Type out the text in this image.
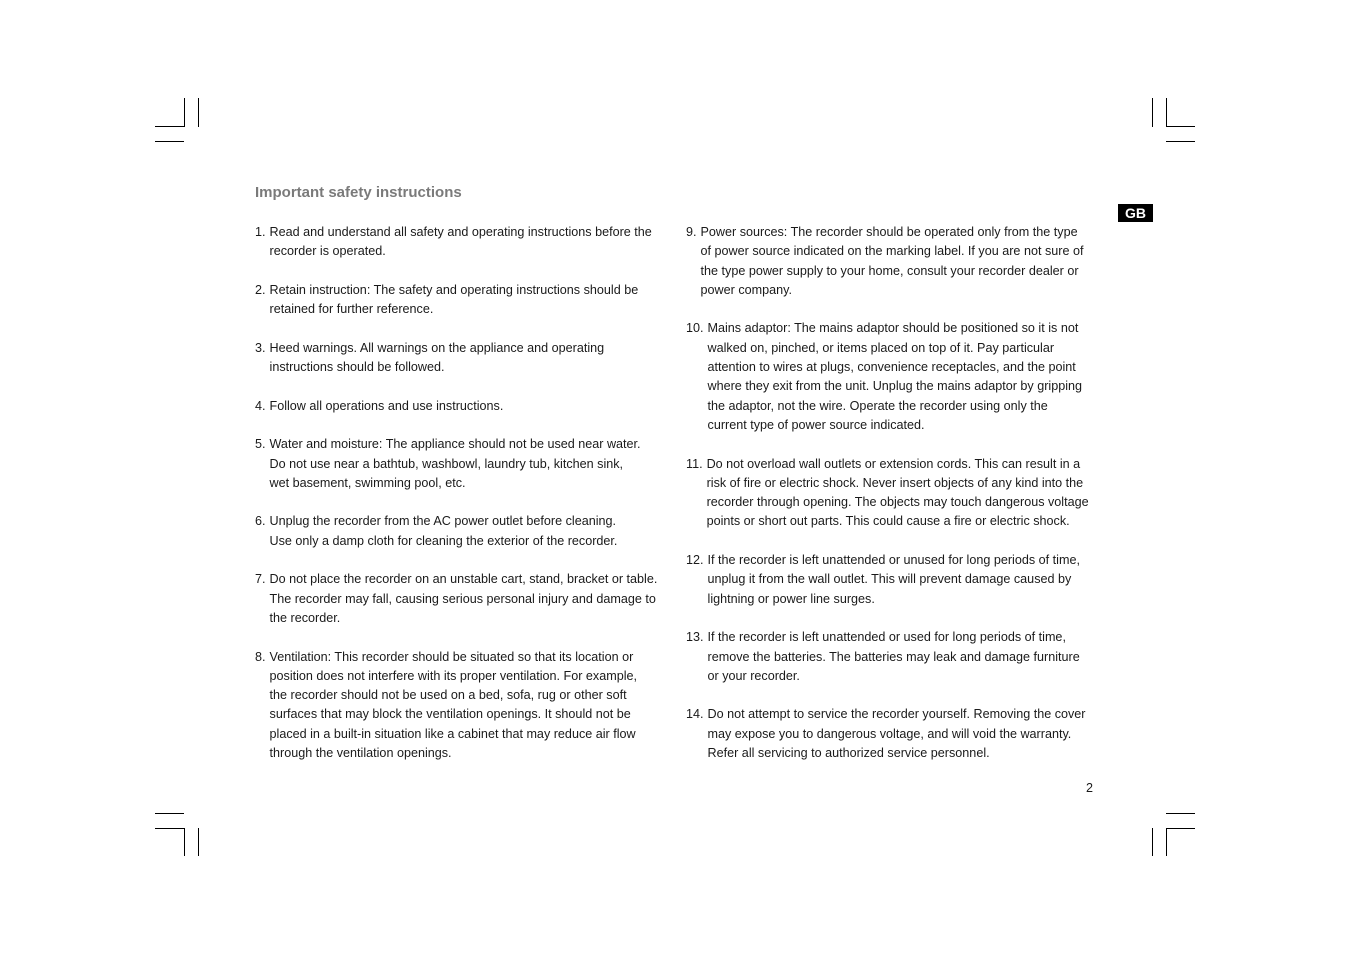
Important safety instructions
GB
1. Read and understand all safety and operating instructions before the
recorder is operated.
2. Retain instruction: The safety and operating instructions should be
retained for further reference.
3. Heed warnings. All warnings on the appliance and operating
instructions should be followed.
4. Follow all operations and use instructions.
5. Water and moisture: The appliance should not be used near water.
Do not use near a bathtub, washbowl, laundry tub, kitchen sink,
wet basement, swimming pool, etc.
6. Unplug the recorder from the AC power outlet before cleaning.
Use only a damp cloth for cleaning the exterior of the recorder.
7. Do not place the recorder on an unstable cart, stand, bracket or table.
The recorder may fall, causing serious personal injury and damage to
the recorder.
8. Ventilation: This recorder should be situated so that its location or
position does not interfere with its proper ventilation. For example,
the recorder should not be used on a bed, sofa, rug or other soft
surfaces that may block the ventilation openings. It should not be
placed in a built-in situation like a cabinet that may reduce air flow
through the ventilation openings.
9. Power sources: The recorder should be operated only from the type
of power source indicated on the marking label. If you are not sure of
the type power supply to your home, consult your recorder dealer or
power company.
10. Mains adaptor: The mains adaptor should be positioned so it is not
walked on, pinched, or items placed on top of it. Pay particular
attention to wires at plugs, convenience receptacles, and the point
where they exit from the unit. Unplug the mains adaptor by gripping
the adaptor, not the wire. Operate the recorder using only the
current type of power source indicated.
11. Do not overload wall outlets or extension cords. This can result in a
risk of fire or electric shock. Never insert objects of any kind into the
recorder through opening. The objects may touch dangerous voltage
points or short out parts. This could cause a fire or electric shock.
12. If the recorder is left unattended or unused for long periods of time,
unplug it from the wall outlet. This will prevent damage caused by
lightning or power line surges.
13. If the recorder is left unattended or used for long periods of time,
remove the batteries. The batteries may leak and damage furniture
or your recorder.
14. Do not attempt to service the recorder yourself. Removing the cover
may expose you to dangerous voltage, and will void the warranty.
Refer all servicing to authorized service personnel.
2
